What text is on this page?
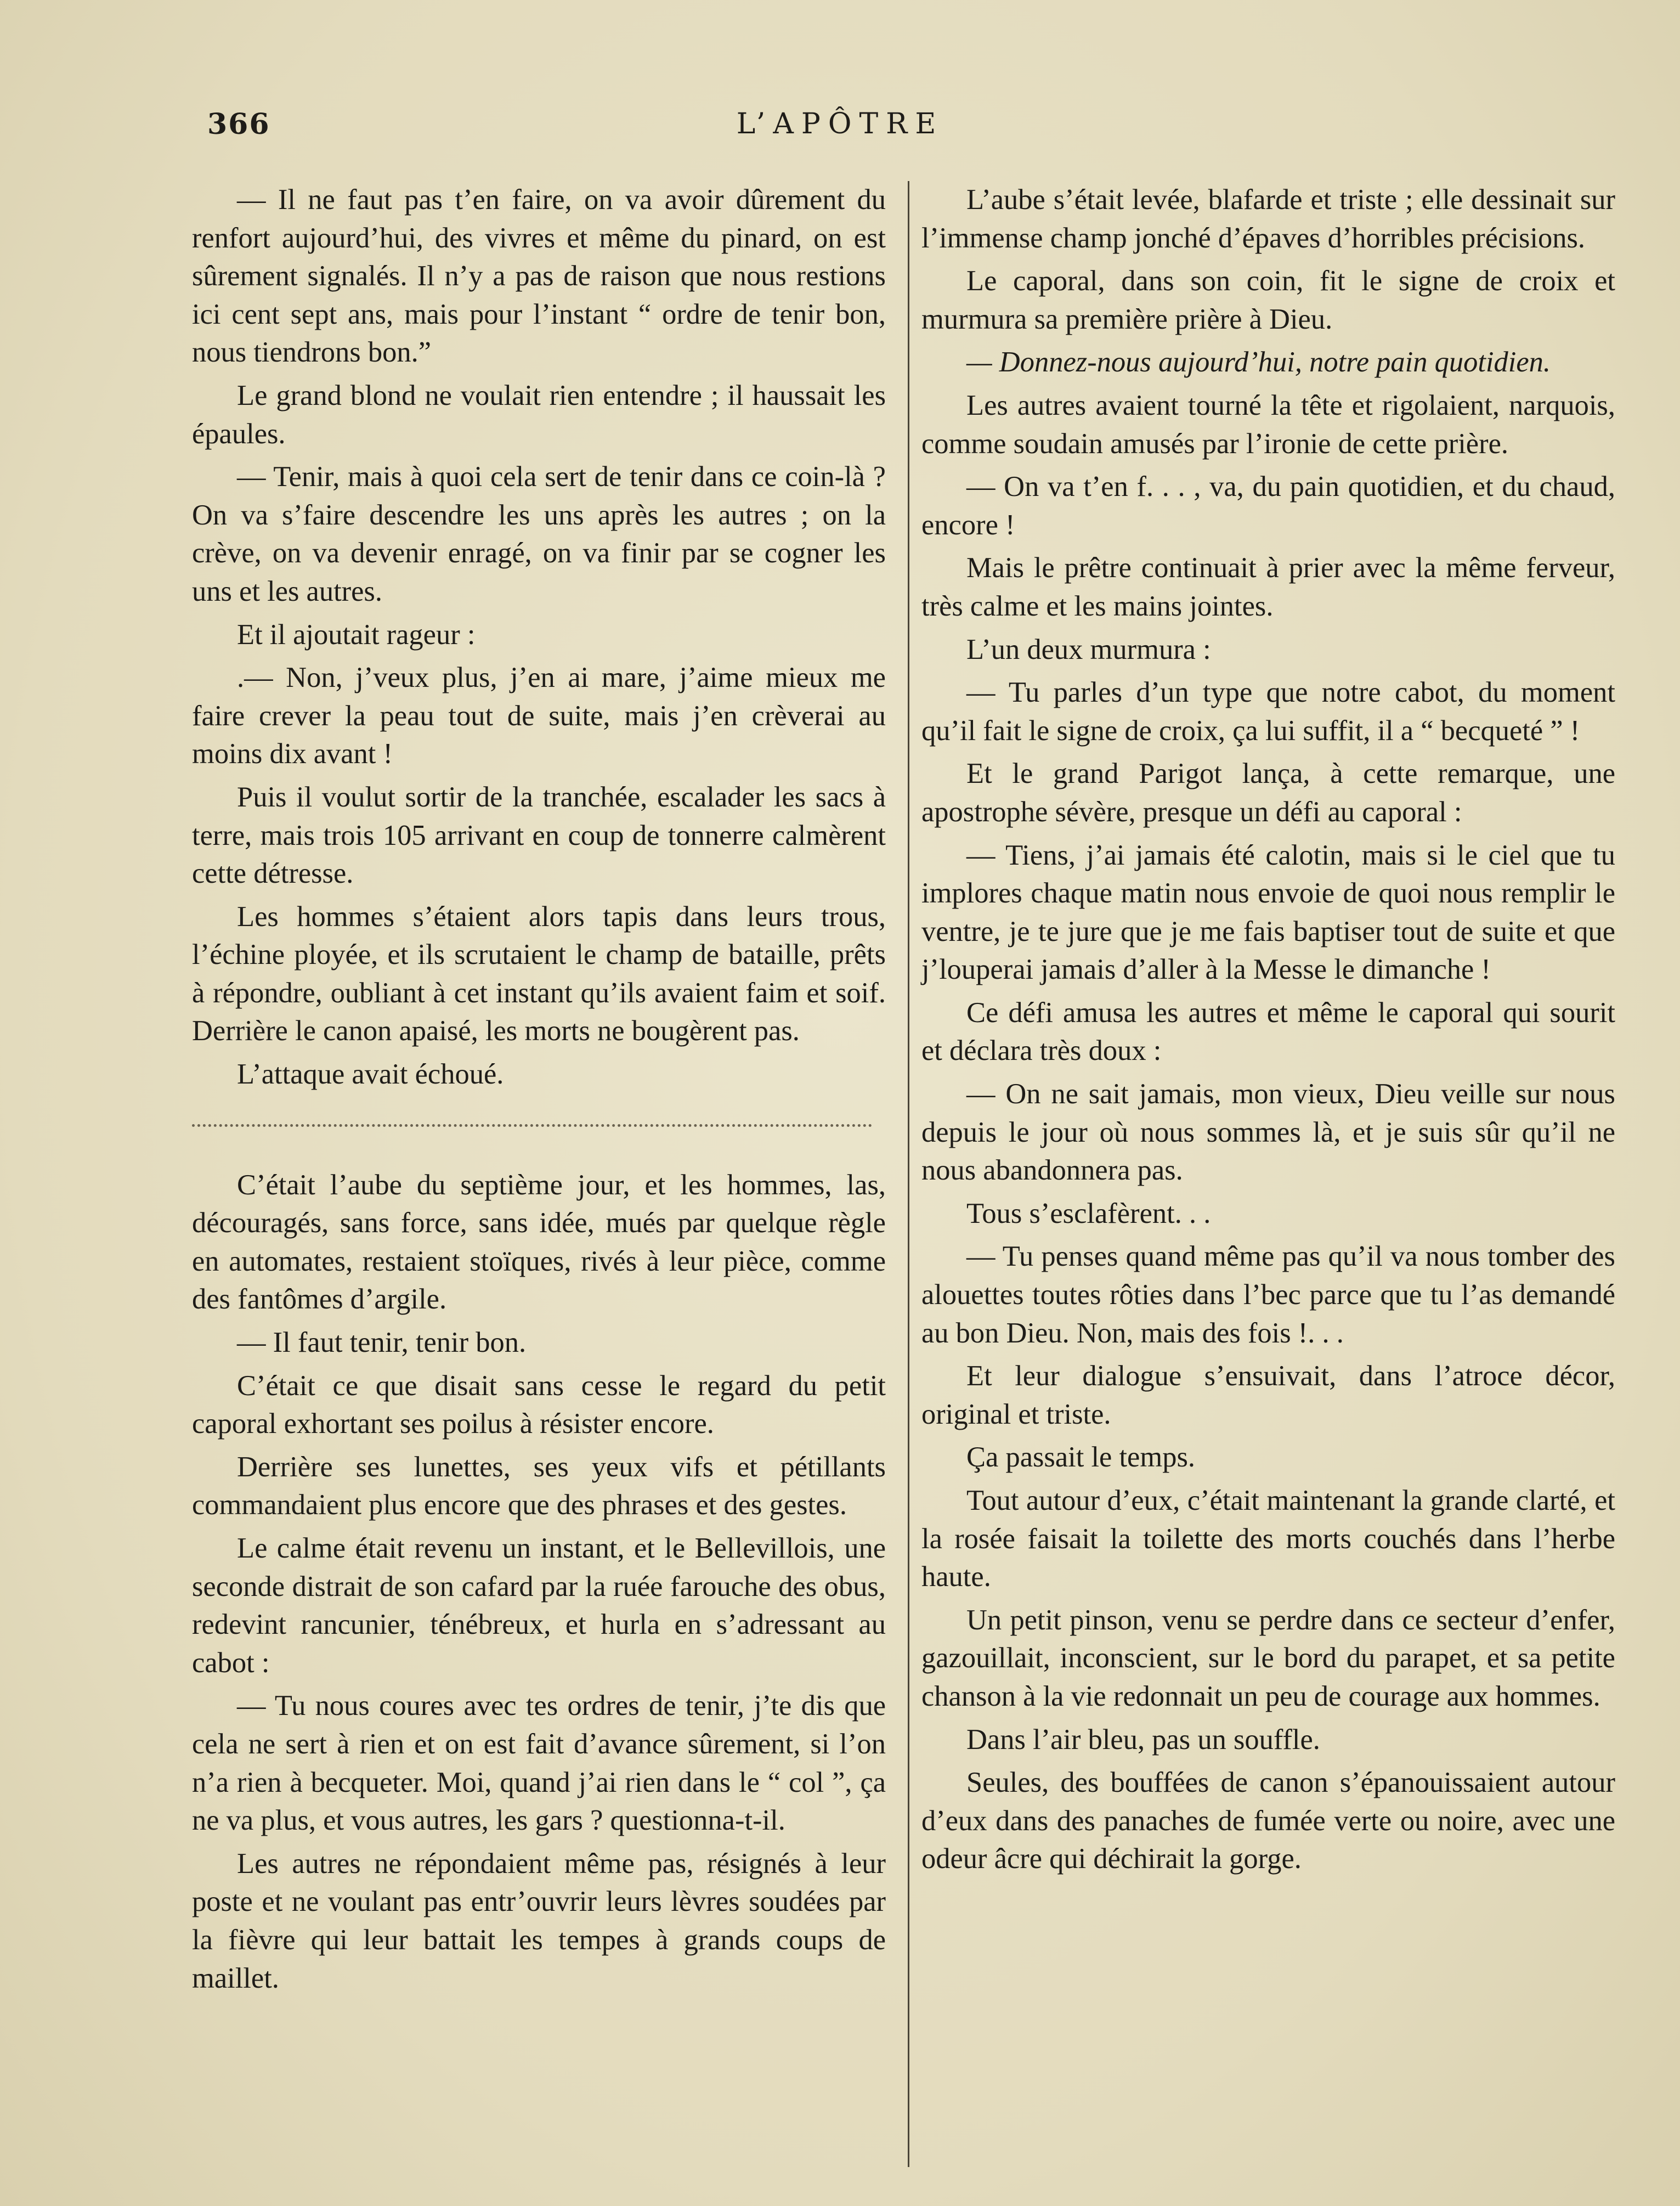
366	L’APÔTRE

— Il ne faut pas t’en faire, on va avoir dûrement du renfort aujourd’hui, des vivres et même du pinard, on est sûrement signalés. Il n’y a pas de raison que nous restions ici cent sept ans, mais pour l’instant “ ordre de tenir bon, nous tiendrons bon.”

Le grand blond ne voulait rien entendre ; il haussait les épaules.

— Tenir, mais à quoi cela sert de tenir dans ce coin-là ? On va s’faire descendre les uns après les autres ; on la crève, on va devenir enragé, on va finir par se cogner les uns et les autres.

Et il ajoutait rageur :

.— Non, j’veux plus, j’en ai mare, j’aime mieux me faire crever la peau tout de suite, mais j’en crèverai au moins dix avant !

Puis il voulut sortir de la tranchée, escalader les sacs à terre, mais trois 105 arrivant en coup de tonnerre calmèrent cette détresse.

Les hommes s’étaient alors tapis dans leurs trous, l’échine ployée, et ils scrutaient le champ de bataille, prêts à répondre, oubliant à cet instant qu’ils avaient faim et soif. Derrière le canon apaisé, les morts ne bougèrent pas.

L’attaque avait échoué.

C’était l’aube du septième jour, et les hommes, las, découragés, sans force, sans idée, mués par quelque règle en automates, restaient stoïques, rivés à leur pièce, comme des fantômes d’argile.

— Il faut tenir, tenir bon.

C’était ce que disait sans cesse le regard du petit caporal exhortant ses poilus à résister encore.

Derrière ses lunettes, ses yeux vifs et pétillants commandaient plus encore que des phrases et des gestes.

Le calme était revenu un instant, et le Bellevillois, une seconde distrait de son cafard par la ruée farouche des obus, redevint rancunier, ténébreux, et hurla en s’adressant au cabot :

— Tu nous coures avec tes ordres de tenir, j’te dis que cela ne sert à rien et on est fait d’avance sûrement, si l’on n’a rien à becqueter. Moi, quand j’ai rien dans le “ col ”, ça ne va plus, et vous autres, les gars ? questionna-t-il.

Les autres ne répondaient même pas, résignés à leur poste et ne voulant pas entr’ouvrir leurs lèvres soudées par la fièvre qui leur battait les tempes à grands coups de maillet.

L’aube s’était levée, blafarde et triste ; elle dessinait sur l’immense champ jonché d’épaves d’horribles précisions.

Le caporal, dans son coin, fit le signe de croix et murmura sa première prière à Dieu.

— Donnez-nous aujourd’hui, notre pain quotidien.

Les autres avaient tourné la tête et rigolaient, narquois, comme soudain amusés par l’ironie de cette prière.

— On va t’en f. . . , va, du pain quotidien, et du chaud, encore !

Mais le prêtre continuait à prier avec la même ferveur, très calme et les mains jointes.

L’un deux murmura :

— Tu parles d’un type que notre cabot, du moment qu’il fait le signe de croix, ça lui suffit, il a “ becqueté ” !

Et le grand Parigot lança, à cette remarque, une apostrophe sévère, presque un défi au caporal :

— Tiens, j’ai jamais été calotin, mais si le ciel que tu implores chaque matin nous envoie de quoi nous remplir le ventre, je te jure que je me fais baptiser tout de suite et que j’louperai jamais d’aller à la Messe le dimanche !

Ce défi amusa les autres et même le caporal qui sourit et déclara très doux :

— On ne sait jamais, mon vieux, Dieu veille sur nous depuis le jour où nous sommes là, et je suis sûr qu’il ne nous abandonnera pas.

Tous s’esclafèrent. . .

— Tu penses quand même pas qu’il va nous tomber des alouettes toutes rôties dans l’bec parce que tu l’as demandé au bon Dieu. Non, mais des fois !. . .

Et leur dialogue s’ensuivait, dans l’atroce décor, original et triste.

Ça passait le temps.

Tout autour d’eux, c’était maintenant la grande clarté, et la rosée faisait la toilette des morts couchés dans l’herbe haute.

Un petit pinson, venu se perdre dans ce secteur d’enfer, gazouillait, inconscient, sur le bord du parapet, et sa petite chanson à la vie redonnait un peu de courage aux hommes.

Dans l’air bleu, pas un souffle.

Seules, des bouffées de canon s’épanouissaient autour d’eux dans des panaches de fumée verte ou noire, avec une odeur âcre qui déchirait la gorge.
